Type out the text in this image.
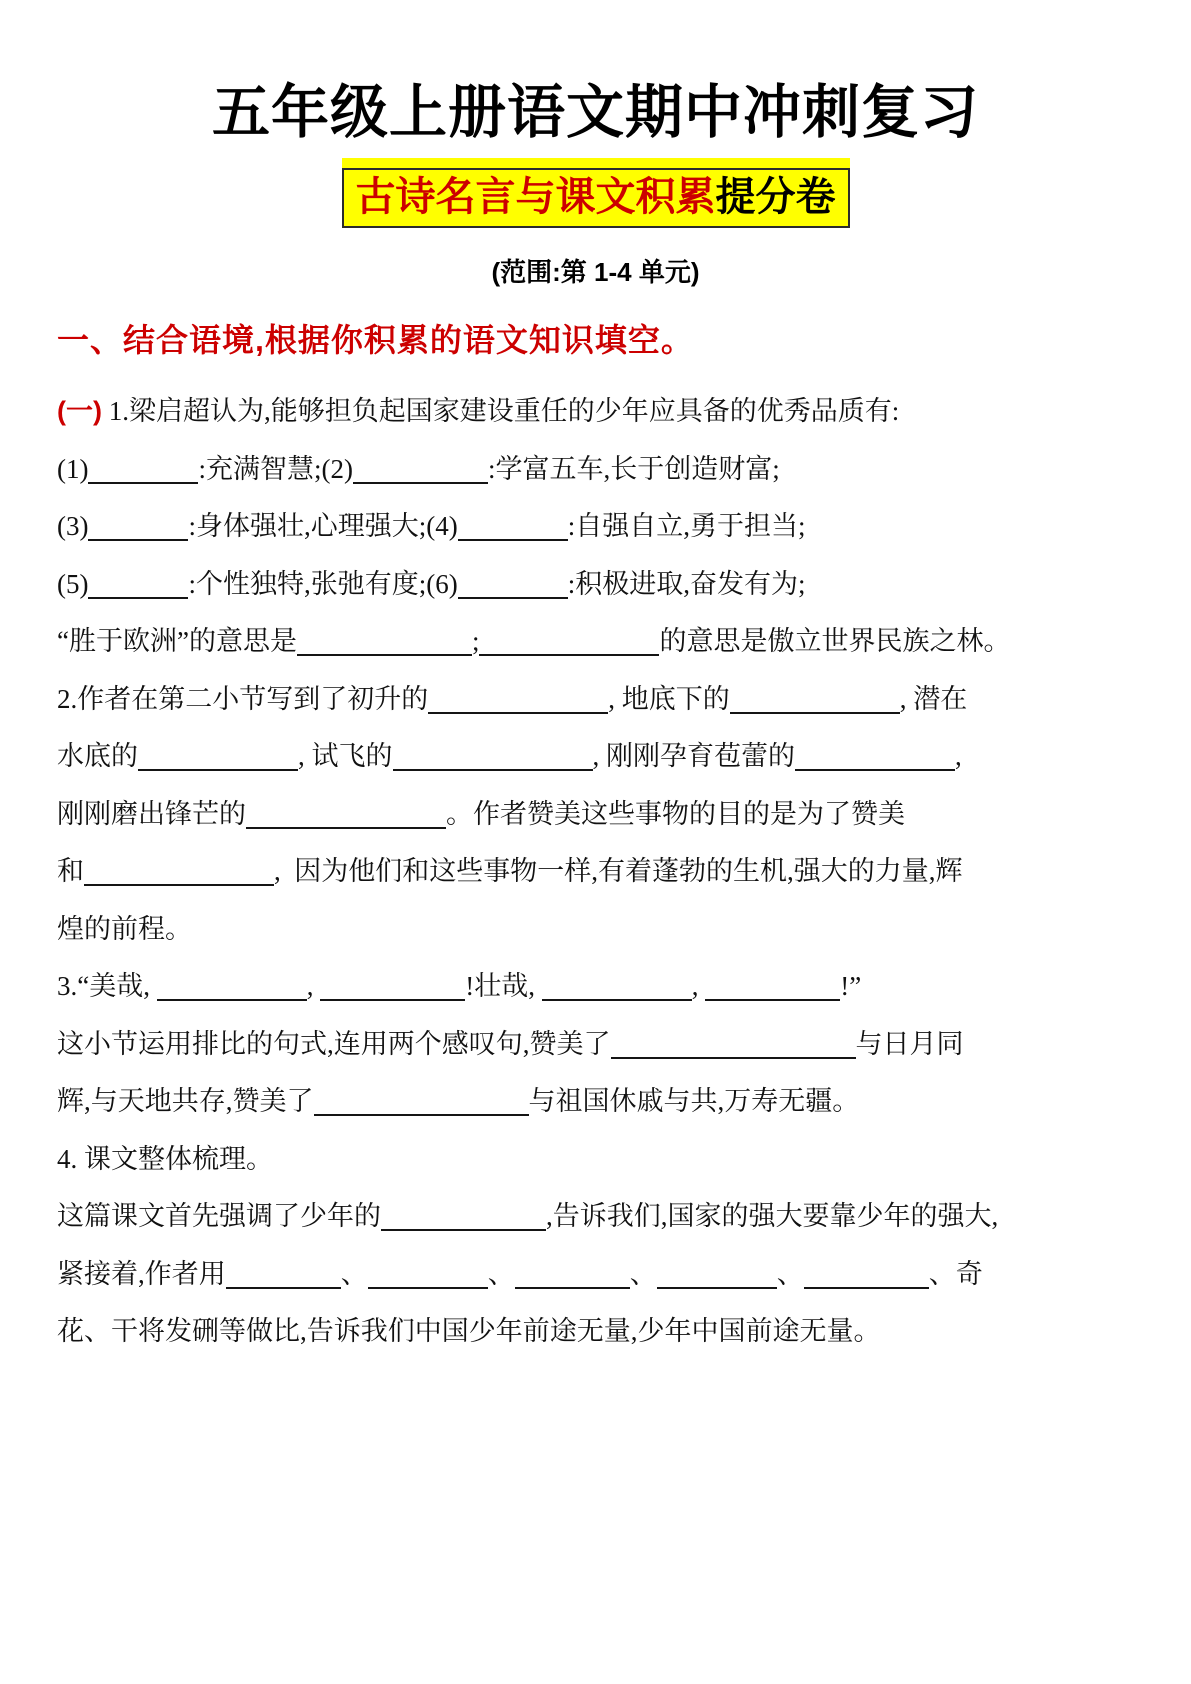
五年级上册语文期中冲刺复习
古诗名言与课文积累提分卷
(范围:第 1-4 单元)
一、结合语境,根据你积累的语文知识填空。
(一) 1.梁启超认为,能够担负起国家建设重任的少年应具备的优秀品质有:
(1)	:充满智慧;(2)	:学富五车,长于创造财富;
(3)	:身体强壮,心理强大;(4)	:自强自立,勇于担当;
(5)	:个性独特,张弛有度;(6)	:积极进取,奋发有为;
“胜于欧洲”的意思是	;	的意思是傲立世界民族之林。
2.作者在第二小节写到了初升的	, 地底下的	, 潜在
水底的	, 试飞的	, 刚刚孕育苞蕾的	,
刚刚磨出锋芒的	。作者赞美这些事物的目的是为了赞美
和	,  因为他们和这些事物一样,有着蓬勃的生机,强大的力量,辉
煌的前程。
3.“美哉,	,	!壮哉,	,	!”
这小节运用排比的句式,连用两个感叹句,赞美了	与日月同
辉,与天地共存,赞美了	与祖国休戚与共,万寿无疆。
4. 课文整体梳理。
这篇课文首先强调了少年的	,告诉我们,国家的强大要靠少年的强大,
紧接着,作者用	、	、	、	、	、奇
花、干将发硎等做比,告诉我们中国少年前途无量,少年中国前途无量。
